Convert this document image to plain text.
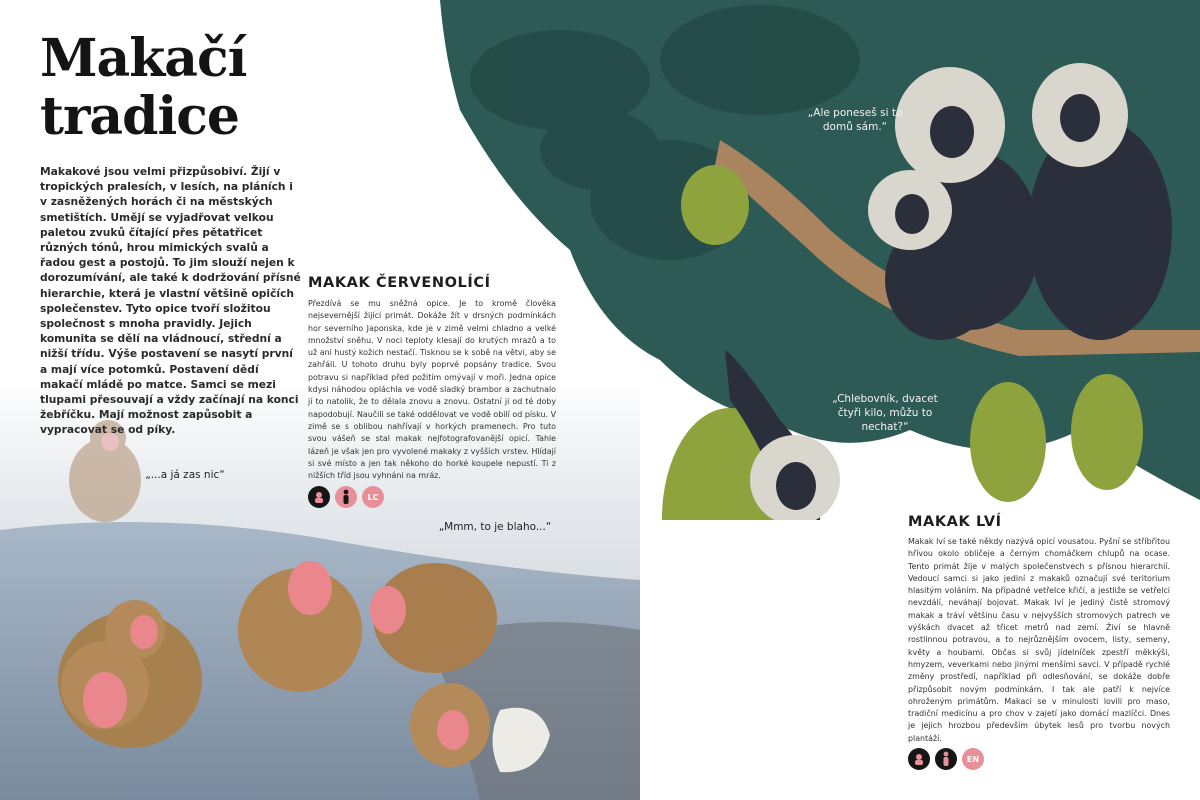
Makačí
tradice
Makakové jsou velmi přizpůsobiví. Žijí v tropických pralesích, v lesích, na pláních i v zasněžených horách či na městských smetištích. Umějí se vyjadřovat velkou paletou zvuků čítající přes pětatřicet různých tónů, hrou mimických svalů a řadou gest a postojů. To jim slouží nejen k dorozumívání, ale také k dodržování přísné hierarchie, která je vlastní většině opičích společenstev. Tyto opice tvoří složitou společnost s mnoha pravidly. Jejich komunita se dělí na vládnoucí, střední a nižší třídu. Výše postavení se nasytí první a mají více potomků. Postavení dědí makačí mládě po matce. Samci se mezi tlupami přesouvají a vždy začínají na konci žebříčku. Mají možnost zapůsobit a vypracovat se od píky.
MAKAK ČERVENOLÍCÍ
Přezdívá se mu sněžná opice. Je to kromě člověka nejsevernější žijící primát. Dokáže žít v drsných podmínkách hor severního Japonska, kde je v zimě velmi chladno a velké množství sněhu. V noci teploty klesají do krutých mrazů a to už ani hustý kožich nestačí. Tisknou se k sobě na větvi, aby se zahřáli. U tohoto druhu byly poprvé popsány tradice. Svou potravu si například před požitím omývají v moři. Jedna opice kdysi náhodou opláchla ve vodě sladký brambor a zachutnalo jí to natolik, že to dělala znovu a znovu. Ostatní ji od té doby napodobují. Naučili se také oddělovat ve vodě obilí od písku. V zimě se s oblibou nahřívají v horkých pramenech. Pro tuto svou vášeň se stal makak nejfotografovanější opicí. Tahle lázeň je však jen pro vyvolené makaky z vyšších vrstev. Hlídají si své místo a jen tak někoho do horké koupele nepustí. Ti z nižších tříd jsou vyhnáni na mráz.
LC
MAKAK LVÍ
Makak lví se také někdy nazývá opicí vousatou. Pyšní se stříbřitou hřívou okolo obličeje a černým chomáčkem chlupů na ocase. Tento primát žije v malých společenstvech s přísnou hierarchií. Vedoucí samci si jako jediní z makaků označují své teritorium hlasitým voláním. Na případné vetřelce křičí, a jestliže se vetřelci nevzdálí, neváhají bojovat. Makak lví je jediný čistě stromový makak a tráví většinu času v nejvyšších stromových patrech ve výškách dvacet až třicet metrů nad zemí. Živí se hlavně rostlinnou potravou, a to nejrůznějším ovocem, listy, semeny, květy a houbami. Občas si svůj jídelníček zpestří měkkýši, hmyzem, veverkami nebo jinými menšími savci. V případě rychlé změny prostředí, například při odlesňování, se dokáže dobře přizpůsobit novým podmínkám. I tak ale patří k nejvíce ohroženým primátům. Makaci se v minulosti lovili pro maso, tradiční medicínu a pro chov v zajetí jako domácí mazlíčci. Dnes je jejich hrozbou především úbytek lesů pro tvorbu nových plantáží.
EN
„Ale poneseš si to domů sám.“
„Chlebovník, dvacet čtyři kilo, můžu to nechat?“
„...a já zas nic“
„Mmm, to je blaho...“
